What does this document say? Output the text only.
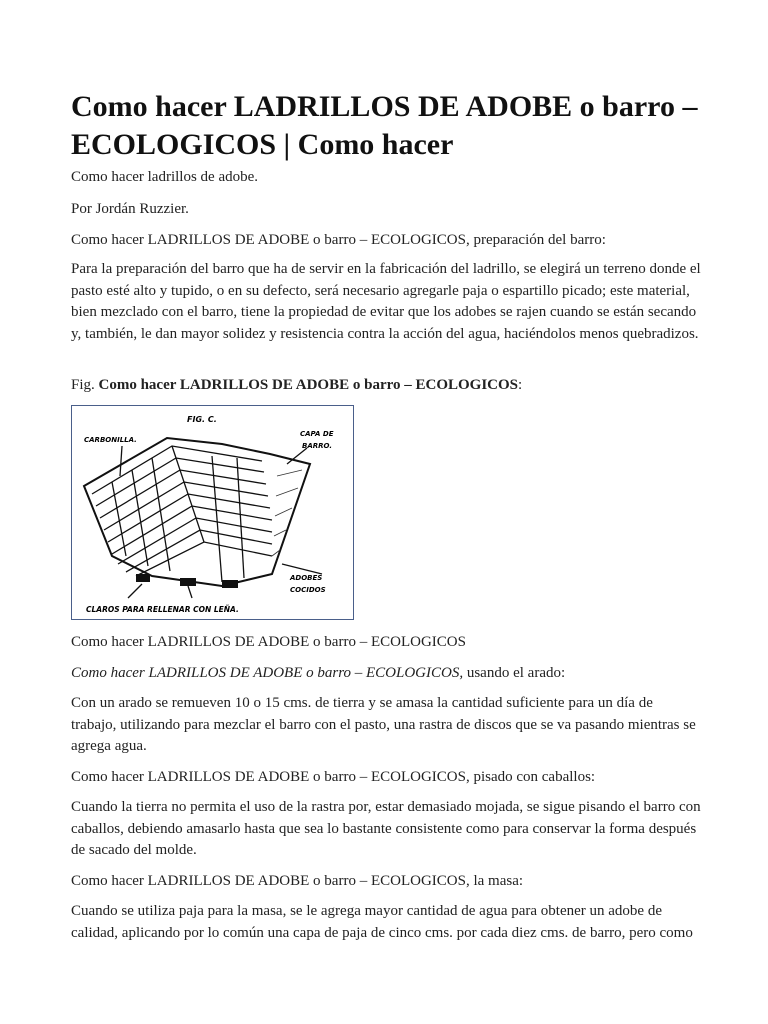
Como hacer LADRILLOS DE ADOBE o barro – ECOLOGICOS | Como hacer

Como hacer ladrillos de adobe.

Por Jordán Ruzzier.

Como hacer LADRILLOS DE ADOBE o barro – ECOLOGICOS, preparación del barro:

Para la preparación del barro que ha de servir en la fabricación del ladrillo, se elegirá un terreno donde el pasto esté alto y tupido, o en su defecto, será necesario agregarle paja o espartillo picado; este material, bien mezclado con el barro, tiene la propiedad de evitar que los adobes se rajen cuando se están secando y, también, le dan mayor solidez y resistencia contra la acción del agua, haciéndolos menos quebradizos.

Fig. Como hacer LADRILLOS DE ADOBE o barro – ECOLOGICOS:

FIG. C.
CARBONILLA.
CAPA DE
BARRO.
ADOBES
COCIDOS
CLAROS PARA RELLENAR CON LEÑA.

Como hacer LADRILLOS DE ADOBE o barro – ECOLOGICOS

Como hacer LADRILLOS DE ADOBE o barro – ECOLOGICOS, usando el arado:

Con un arado se remueven 10 o 15 cms. de tierra y se amasa la cantidad suficiente para un día de trabajo, utilizando para mezclar el barro con el pasto, una rastra de discos que se va pasando mientras se agrega agua.

Como hacer LADRILLOS DE ADOBE o barro – ECOLOGICOS, pisado con caballos:

Cuando la tierra no permita el uso de la rastra por, estar demasiado mojada, se sigue pisando el barro con caballos, debiendo amasarlo hasta que sea lo bastante consistente como para conservar la forma después de sacado del molde.

Como hacer LADRILLOS DE ADOBE o barro – ECOLOGICOS, la masa:

Cuando se utiliza paja para la masa, se le agrega mayor cantidad de agua para obtener un adobe de calidad, aplicando por lo común una capa de paja de cinco cms. por cada diez cms. de barro, pero como
